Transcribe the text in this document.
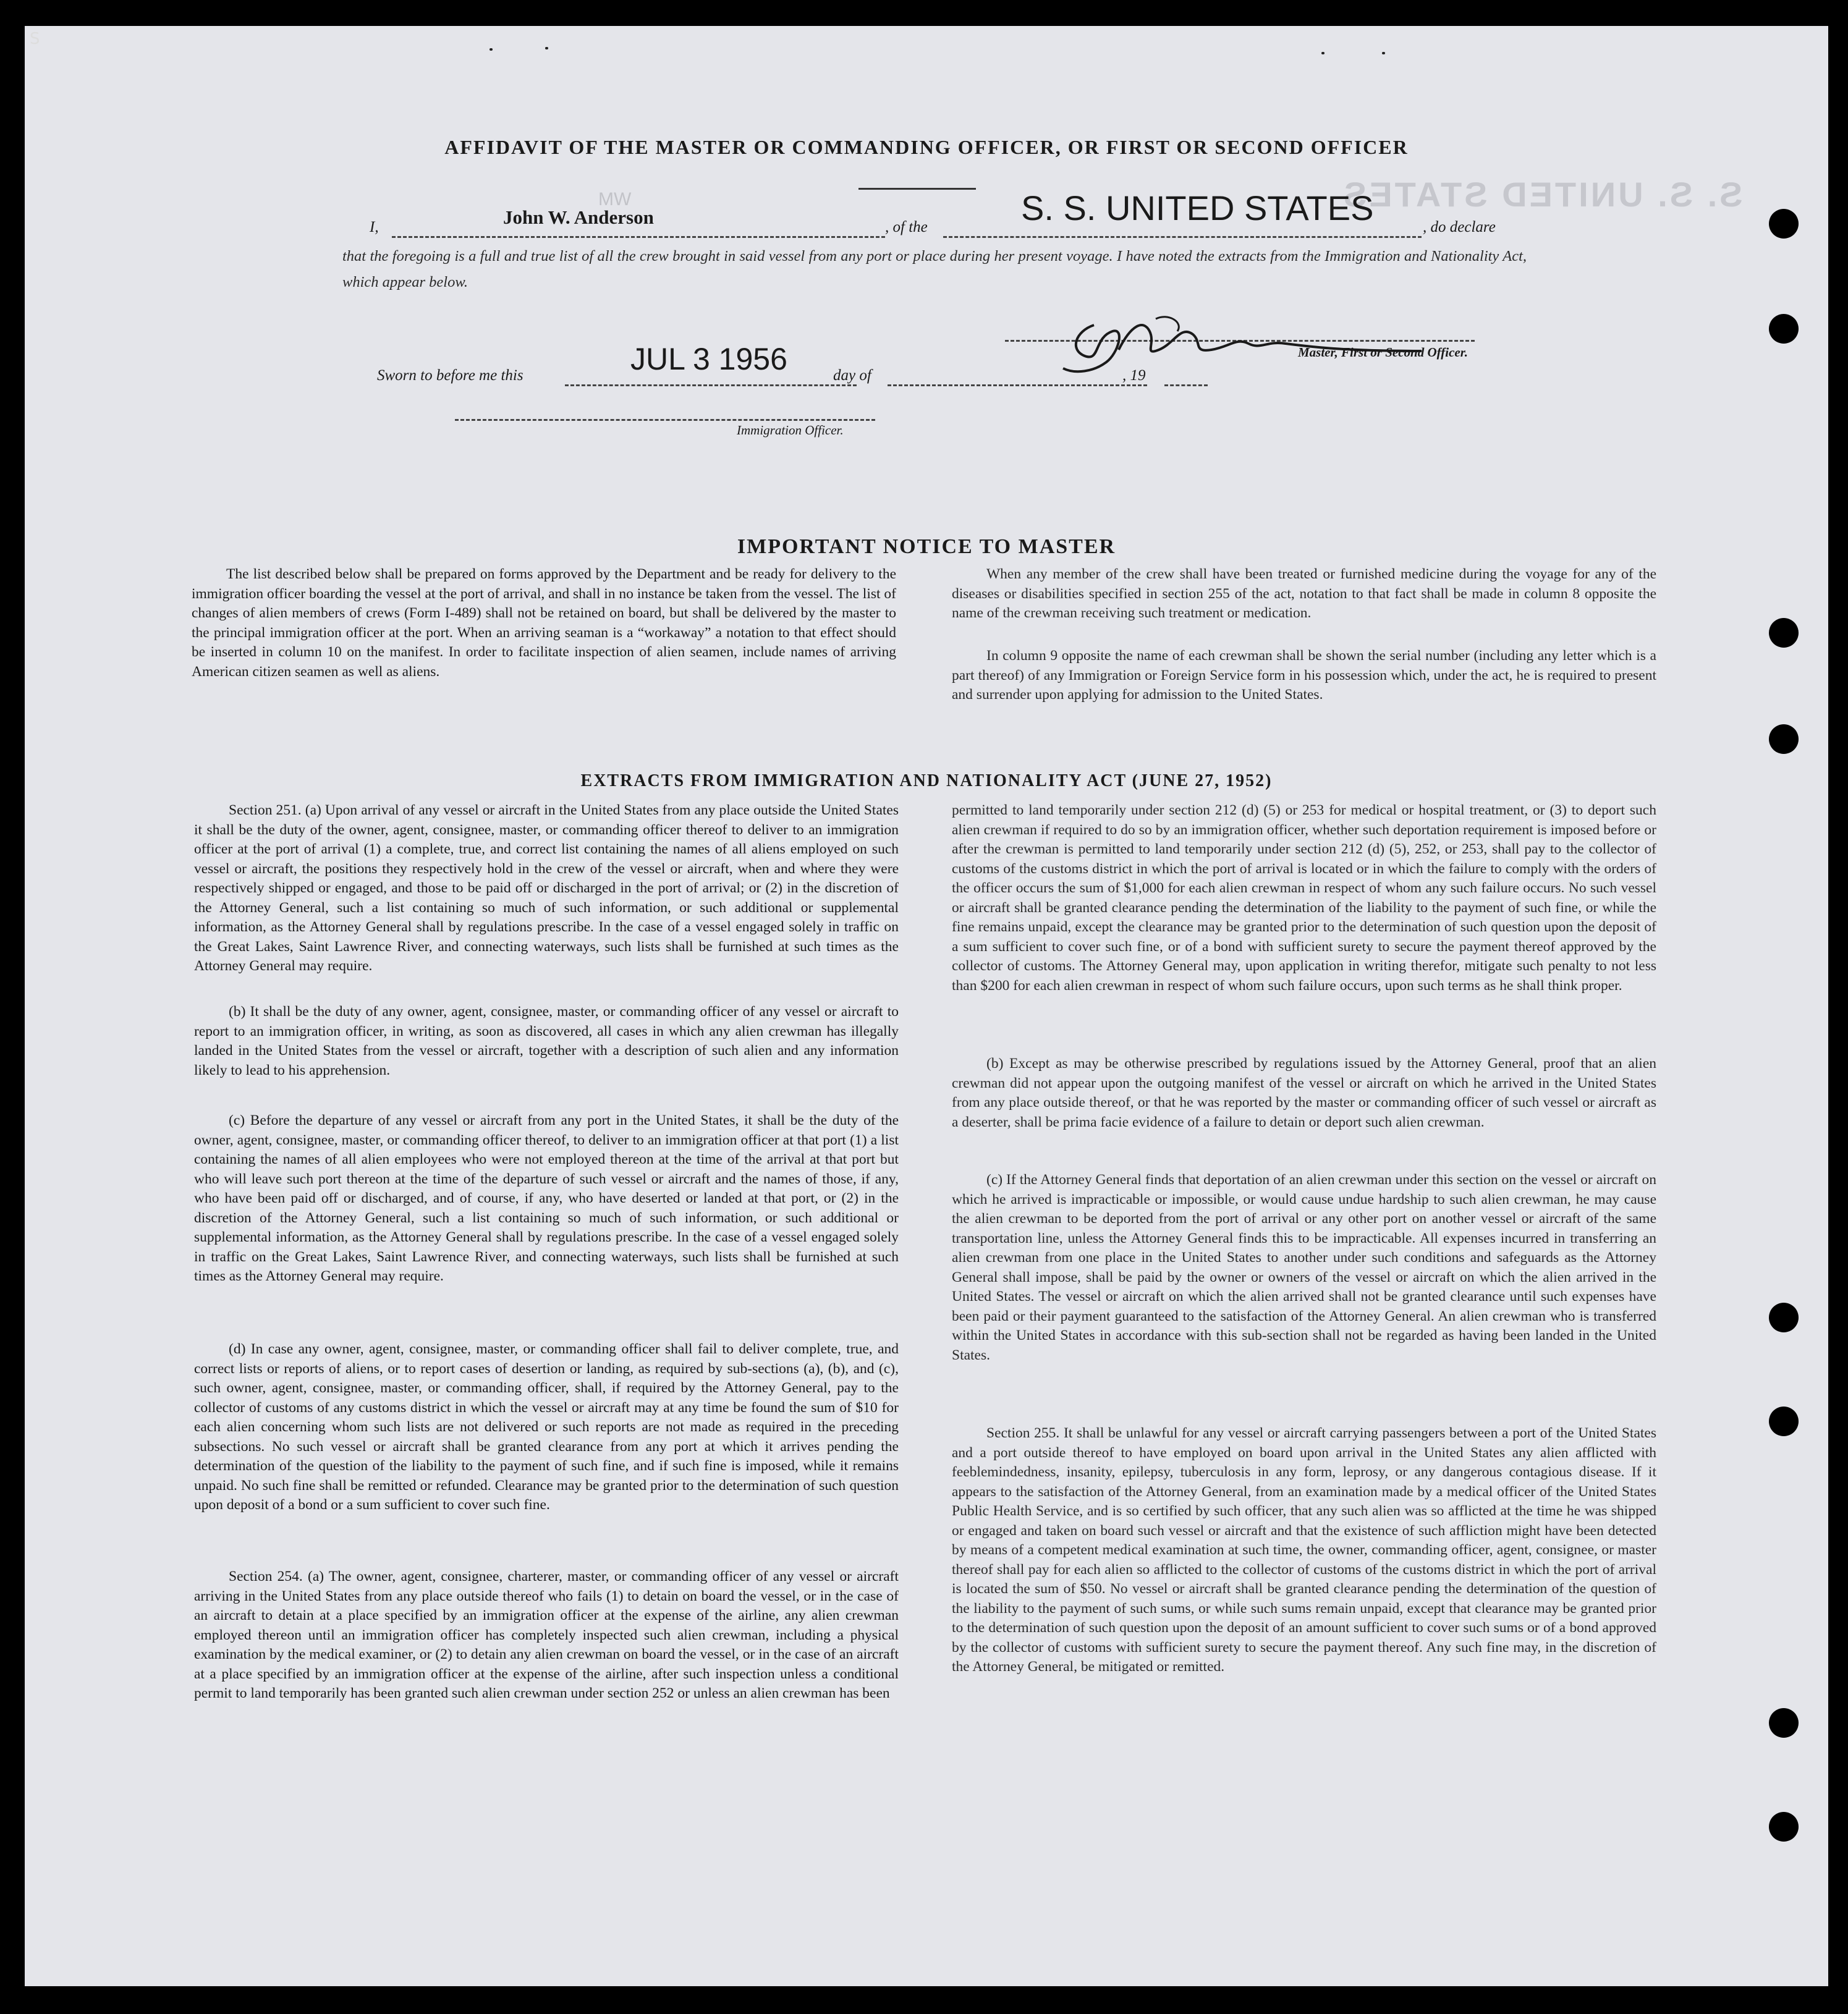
S
AFFIDAVIT OF THE MASTER OR COMMANDING OFFICER, OR FIRST OR SECOND OFFICER
MW	S. S. UNITED STATES
I,	John W. Anderson	, of the	S. S. UNITED STATES	, do declare
that the foregoing is a full and true list of all the crew brought in said vessel from any port or place during her present voyage. I have noted the extracts from the Immigration and Nationality Act, which appear below.
Master, First or Second Officer.
Sworn to before me this	JUL 3 1956	day of	, 19
Immigration Officer.
IMPORTANT NOTICE TO MASTER
The list described below shall be prepared on forms approved by the Department and be ready for delivery to the immigration officer boarding the vessel at the port of arrival, and shall in no instance be taken from the vessel. The list of changes of alien members of crews (Form I-489) shall not be retained on board, but shall be delivered by the master to the principal immigration officer at the port. When an arriving seaman is a “workaway” a notation to that effect should be inserted in column 10 on the manifest. In order to facilitate inspection of alien seamen, include names of arriving American citizen seamen as well as aliens.
When any member of the crew shall have been treated or furnished medicine during the voyage for any of the diseases or disabilities specified in section 255 of the act, notation to that fact shall be made in column 8 opposite the name of the crewman receiving such treatment or medication.
In column 9 opposite the name of each crewman shall be shown the serial number (including any letter which is a part thereof) of any Immigration or Foreign Service form in his possession which, under the act, he is required to present and surrender upon applying for admission to the United States.
EXTRACTS FROM IMMIGRATION AND NATIONALITY ACT (JUNE 27, 1952)
Section 251. (a) Upon arrival of any vessel or aircraft in the United States from any place outside the United States it shall be the duty of the owner, agent, consignee, master, or commanding officer thereof to deliver to an immigration officer at the port of arrival (1) a complete, true, and correct list containing the names of all aliens employed on such vessel or aircraft, the positions they respectively hold in the crew of the vessel or aircraft, when and where they were respectively shipped or engaged, and those to be paid off or discharged in the port of arrival; or (2) in the discretion of the Attorney General, such a list containing so much of such information, or such additional or supplemental information, as the Attorney General shall by regulations prescribe. In the case of a vessel engaged solely in traffic on the Great Lakes, Saint Lawrence River, and connecting waterways, such lists shall be furnished at such times as the Attorney General may require.
(b) It shall be the duty of any owner, agent, consignee, master, or commanding officer of any vessel or aircraft to report to an immigration officer, in writing, as soon as discovered, all cases in which any alien crewman has illegally landed in the United States from the vessel or aircraft, together with a description of such alien and any information likely to lead to his apprehension.
(c) Before the departure of any vessel or aircraft from any port in the United States, it shall be the duty of the owner, agent, consignee, master, or commanding officer thereof, to deliver to an immigration officer at that port (1) a list containing the names of all alien employees who were not employed thereon at the time of the arrival at that port but who will leave such port thereon at the time of the departure of such vessel or aircraft and the names of those, if any, who have been paid off or discharged, and of course, if any, who have deserted or landed at that port, or (2) in the discretion of the Attorney General, such a list containing so much of such information, or such additional or supplemental information, as the Attorney General shall by regulations prescribe. In the case of a vessel engaged solely in traffic on the Great Lakes, Saint Lawrence River, and connecting waterways, such lists shall be furnished at such times as the Attorney General may require.
(d) In case any owner, agent, consignee, master, or commanding officer shall fail to deliver complete, true, and correct lists or reports of aliens, or to report cases of desertion or landing, as required by sub-sections (a), (b), and (c), such owner, agent, consignee, master, or commanding officer, shall, if required by the Attorney General, pay to the collector of customs of any customs district in which the vessel or aircraft may at any time be found the sum of $10 for each alien concerning whom such lists are not delivered or such reports are not made as required in the preceding subsections. No such vessel or aircraft shall be granted clearance from any port at which it arrives pending the determination of the question of the liability to the payment of such fine, and if such fine is imposed, while it remains unpaid. No such fine shall be remitted or refunded. Clearance may be granted prior to the determination of such question upon deposit of a bond or a sum sufficient to cover such fine.
Section 254. (a) The owner, agent, consignee, charterer, master, or commanding officer of any vessel or aircraft arriving in the United States from any place outside thereof who fails (1) to detain on board the vessel, or in the case of an aircraft to detain at a place specified by an immigration officer at the expense of the airline, any alien crewman employed thereon until an immigration officer has completely inspected such alien crewman, including a physical examination by the medical examiner, or (2) to detain any alien crewman on board the vessel, or in the case of an aircraft at a place specified by an immigration officer at the expense of the airline, after such inspection unless a conditional permit to land temporarily has been granted such alien crewman under section 252 or unless an alien crewman has been
permitted to land temporarily under section 212 (d) (5) or 253 for medical or hospital treatment, or (3) to deport such alien crewman if required to do so by an immigration officer, whether such deportation requirement is imposed before or after the crewman is permitted to land temporarily under section 212 (d) (5), 252, or 253, shall pay to the collector of customs of the customs district in which the port of arrival is located or in which the failure to comply with the orders of the officer occurs the sum of $1,000 for each alien crewman in respect of whom any such failure occurs. No such vessel or aircraft shall be granted clearance pending the determination of the liability to the payment of such fine, or while the fine remains unpaid, except the clearance may be granted prior to the determination of such question upon the deposit of a sum sufficient to cover such fine, or of a bond with sufficient surety to secure the payment thereof approved by the collector of customs. The Attorney General may, upon application in writing therefor, mitigate such penalty to not less than $200 for each alien crewman in respect of whom such failure occurs, upon such terms as he shall think proper.
(b) Except as may be otherwise prescribed by regulations issued by the Attorney General, proof that an alien crewman did not appear upon the outgoing manifest of the vessel or aircraft on which he arrived in the United States from any place outside thereof, or that he was reported by the master or commanding officer of such vessel or aircraft as a deserter, shall be prima facie evidence of a failure to detain or deport such alien crewman.
(c) If the Attorney General finds that deportation of an alien crewman under this section on the vessel or aircraft on which he arrived is impracticable or impossible, or would cause undue hardship to such alien crewman, he may cause the alien crewman to be deported from the port of arrival or any other port on another vessel or aircraft of the same transportation line, unless the Attorney General finds this to be impracticable. All expenses incurred in transferring an alien crewman from one place in the United States to another under such conditions and safeguards as the Attorney General shall impose, shall be paid by the owner or owners of the vessel or aircraft on which the alien arrived in the United States. The vessel or aircraft on which the alien arrived shall not be granted clearance until such expenses have been paid or their payment guaranteed to the satisfaction of the Attorney General. An alien crewman who is transferred within the United States in accordance with this sub-section shall not be regarded as having been landed in the United States.
Section 255. It shall be unlawful for any vessel or aircraft carrying passengers between a port of the United States and a port outside thereof to have employed on board upon arrival in the United States any alien afflicted with feeblemindedness, insanity, epilepsy, tuberculosis in any form, leprosy, or any dangerous contagious disease. If it appears to the satisfaction of the Attorney General, from an examination made by a medical officer of the United States Public Health Service, and is so certified by such officer, that any such alien was so afflicted at the time he was shipped or engaged and taken on board such vessel or aircraft and that the existence of such affliction might have been detected by means of a competent medical examination at such time, the owner, commanding officer, agent, consignee, or master thereof shall pay for each alien so afflicted to the collector of customs of the customs district in which the port of arrival is located the sum of $50. No vessel or aircraft shall be granted clearance pending the determination of the question of the liability to the payment of such sums, or while such sums remain unpaid, except that clearance may be granted prior to the determination of such question upon the deposit of an amount sufficient to cover such sums or of a bond approved by the collector of customs with sufficient surety to secure the payment thereof. Any such fine may, in the discretion of the Attorney General, be mitigated or remitted.
